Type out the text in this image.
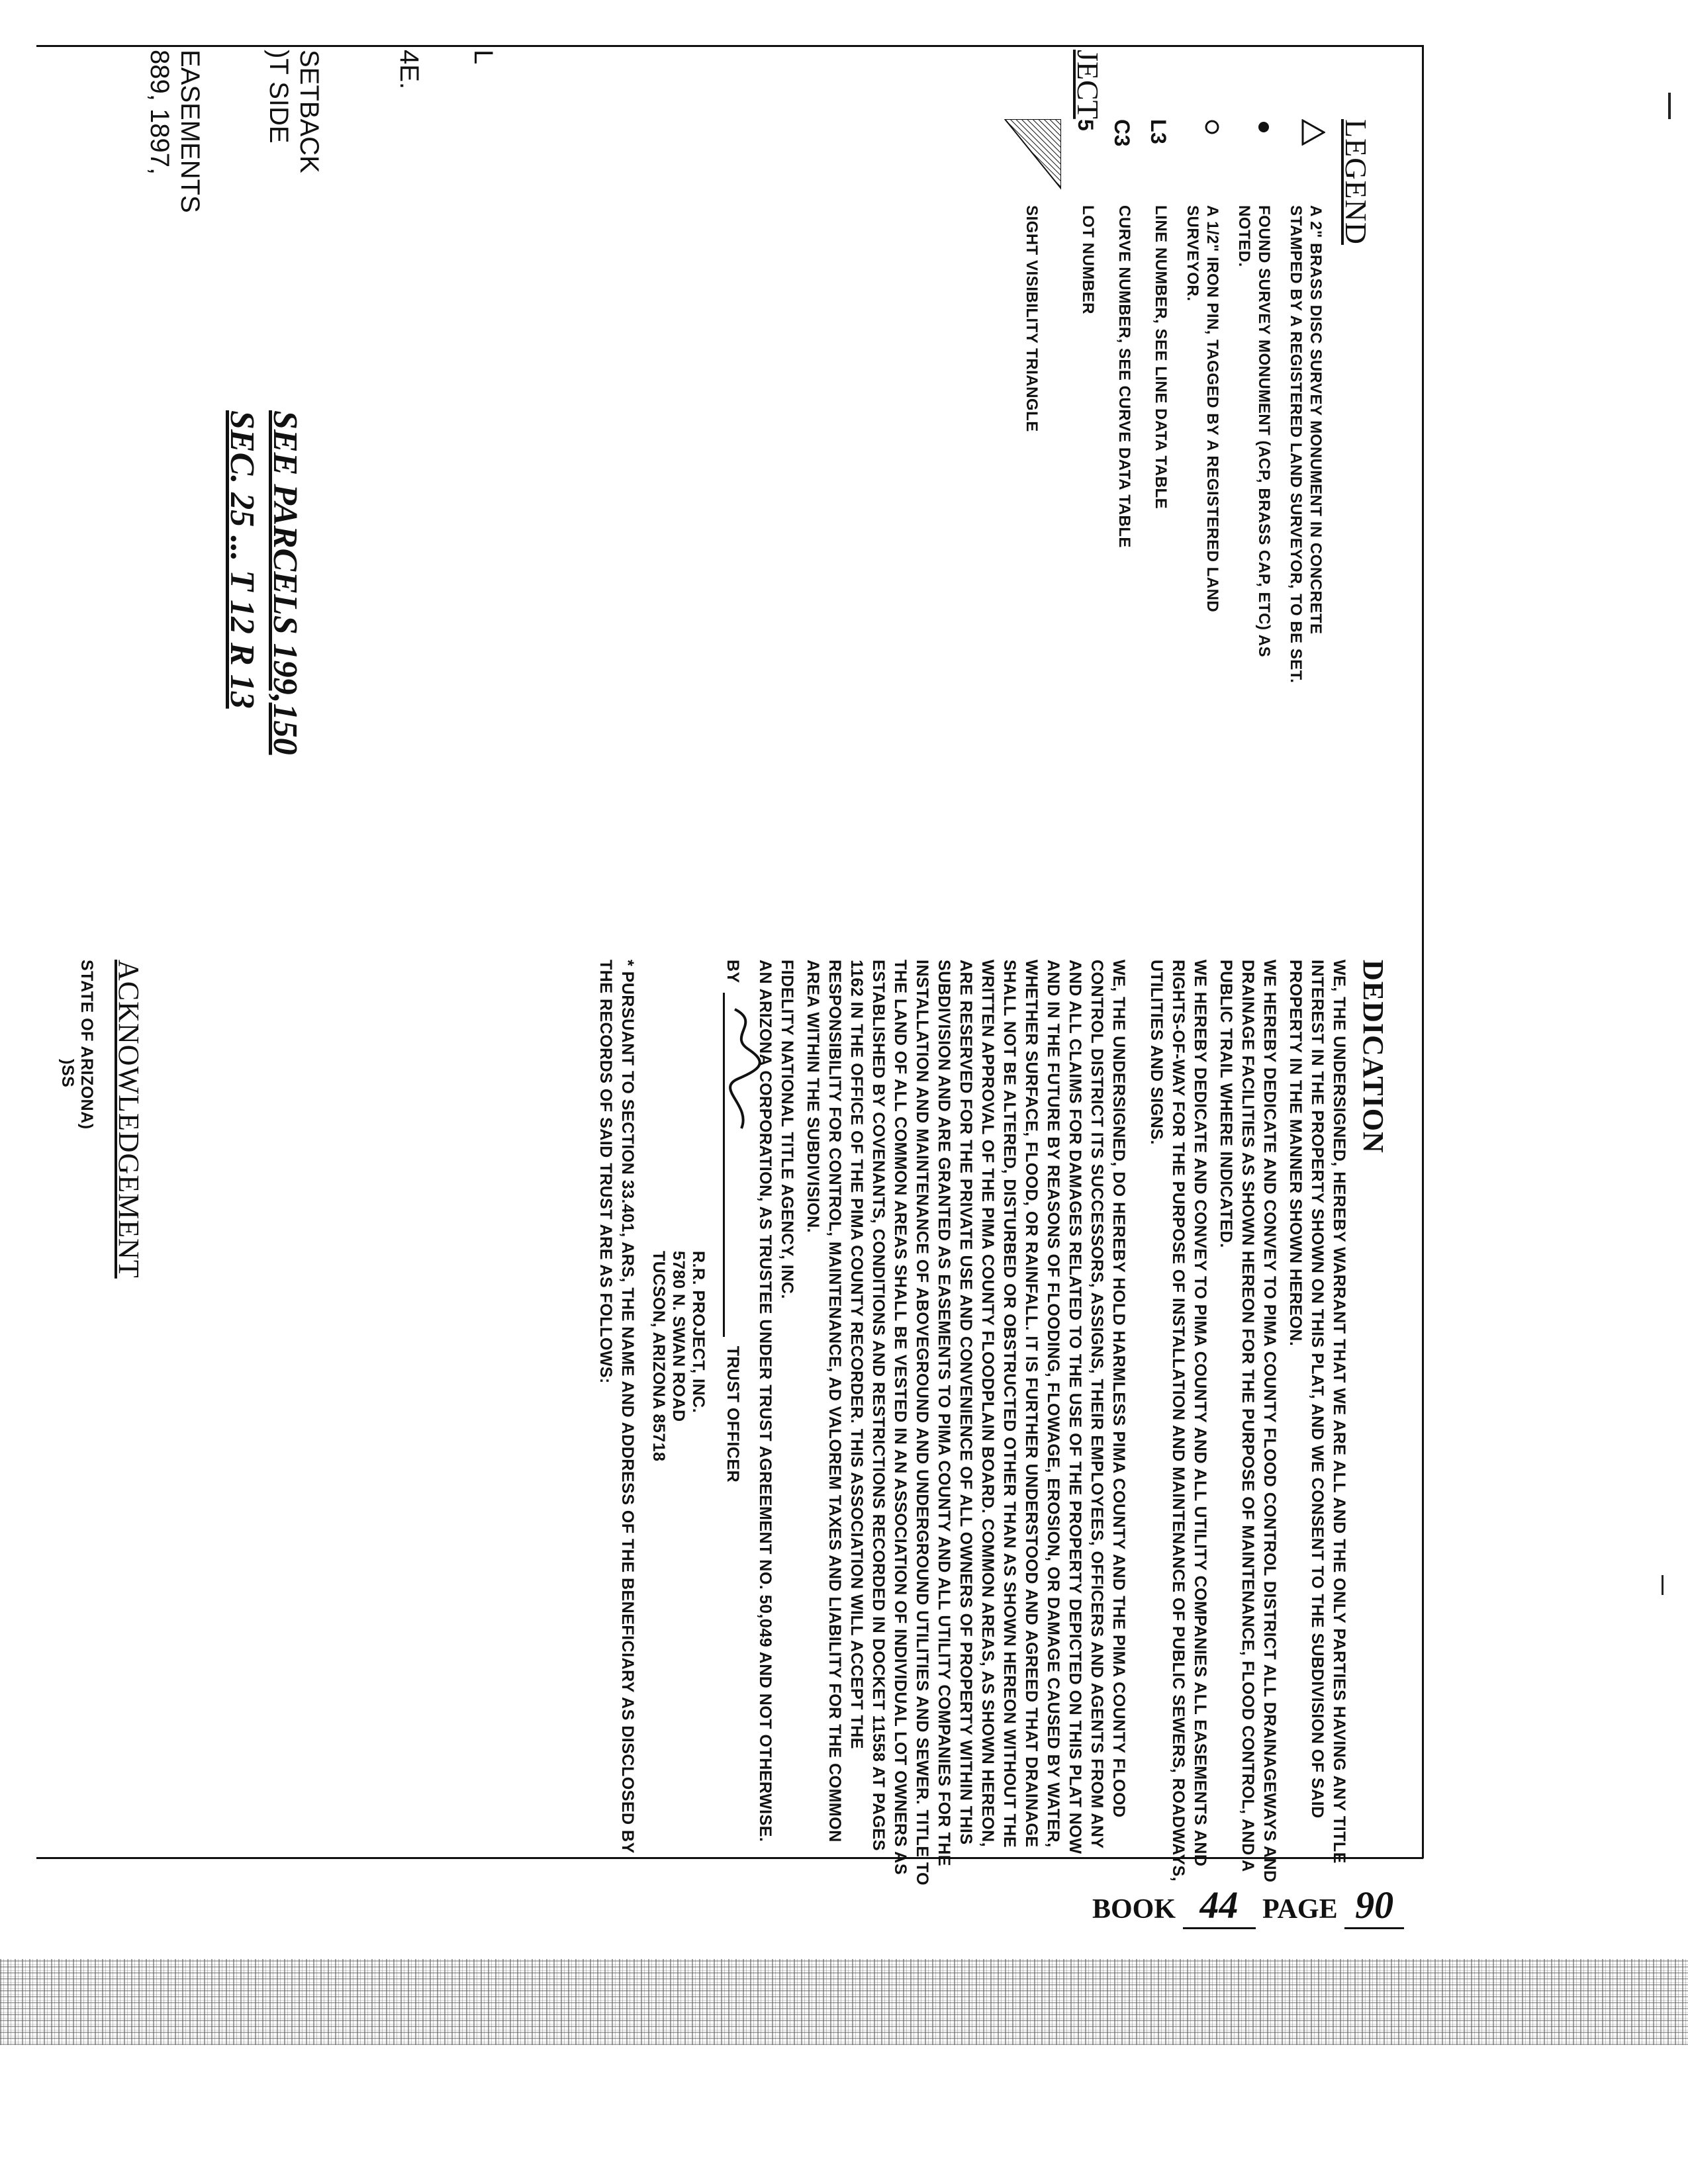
JECT
L
4E.
SETBACK
)T SIDE
EASEMENTS
889, 1897,	LEGEND
A 2" BRASS DISC SURVEY MONUMENT IN CONCRETE STAMPED BY A REGISTERED LAND SURVEYOR, TO BE SET.
FOUND SURVEY MONUMENT (ACP, BRASS CAP, ETC) AS NOTED.
A 1/2" IRON PIN, TAGGED BY A REGISTERED LAND SURVEYOR.
L3
LINE NUMBER, SEE LINE DATA TABLE
C3
CURVE NUMBER, SEE CURVE DATA TABLE
5
LOT NUMBER
SIGHT VISIBILITY TRIANGLE
SEE PARCELS 199,150
SEC. 25 ... T 12 R 13
DEDICATION

WE, THE UNDERSIGNED, HEREBY WARRANT THAT WE ARE ALL AND THE ONLY PARTIES HAVING ANY TITLE INTEREST IN THE PROPERTY SHOWN ON THIS PLAT, AND WE CONSENT TO THE SUBDIVISION OF SAID PROPERTY IN THE MANNER SHOWN HEREON.

WE HEREBY DEDICATE AND CONVEY TO PIMA COUNTY FLOOD CONTROL DISTRICT ALL DRAINAGEWAYS AND DRAINAGE FACILITIES AS SHOWN HEREON FOR THE PURPOSE OF MAINTENANCE, FLOOD CONTROL, AND A PUBLIC TRAIL WHERE INDICATED.

WE HEREBY DEDICATE AND CONVEY TO PIMA COUNTY AND ALL UTILITY COMPANIES ALL EASEMENTS AND RIGHTS-OF-WAY FOR THE PURPOSE OF INSTALLATION AND MAINTENANCE OF PUBLIC SEWERS, ROADWAYS, UTILITIES AND SIGNS.

WE, THE UNDERSIGNED, DO HEREBY HOLD HARMLESS PIMA COUNTY AND THE PIMA COUNTY FLOOD CONTROL DISTRICT ITS SUCCESSORS, ASSIGNS, THEIR EMPLOYEES, OFFICERS AND AGENTS FROM ANY AND ALL CLAIMS FOR DAMAGES RELATED TO THE USE OF THE PROPERTY DEPICTED ON THIS PLAT NOW AND IN THE FUTURE BY REASONS OF FLOODING, FLOWAGE, EROSION, OR DAMAGE CAUSED BY WATER, WHETHER SURFACE, FLOOD, OR RAINFALL. IT IS FURTHER UNDERSTOOD AND AGREED THAT DRAINAGE SHALL NOT BE ALTERED, DISTURBED OR OBSTRUCTED OTHER THAN AS SHOWN HEREON WITHOUT THE WRITTEN APPROVAL OF THE PIMA COUNTY FLOODPLAIN BOARD. COMMON AREAS, AS SHOWN HEREON, ARE RESERVED FOR THE PRIVATE USE AND CONVENIENCE OF ALL OWNERS OF PROPERTY WITHIN THIS SUBDIVISION AND ARE GRANTED AS EASEMENTS TO PIMA COUNTY AND ALL UTILITY COMPANIES FOR THE INSTALLATION AND MAINTENANCE OF ABOVEGROUND AND UNDERGROUND UTILITIES AND SEWER. TITLE TO THE LAND OF ALL COMMON AREAS SHALL BE VESTED IN AN ASSOCIATION OF INDIVIDUAL LOT OWNERS AS ESTABLISHED BY COVENANTS, CONDITIONS AND RESTRICTIONS RECORDED IN DOCKET 11558 AT PAGES 1162 IN THE OFFICE OF THE PIMA COUNTY RECORDER. THIS ASSOCIATION WILL ACCEPT THE RESPONSIBILITY FOR CONTROL, MAINTENANCE, AD VALOREM TAXES AND LIABILITY FOR THE COMMON AREA WITHIN THE SUBDIVISION.

FIDELITY NATIONAL TITLE AGENCY, INC.

AN ARIZONA CORPORATION, AS TRUSTEE UNDER TRUST AGREEMENT NO. 50,049 AND NOT OTHERWISE.

BY
TRUST OFFICER
R.R. PROJECT, INC.
5780 N. SWAN ROAD
TUCSON, ARIZONA 85718

* PURSUANT TO SECTION 33.401, ARS, THE NAME AND ADDRESS OF THE BENEFICIARY AS DISCLOSED BY THE RECORDS OF SAID TRUST ARE AS FOLLOWS:

ACKNOWLEDGEMENT
STATE OF ARIZONA)
)SS
BOOK 44 PAGE 90
